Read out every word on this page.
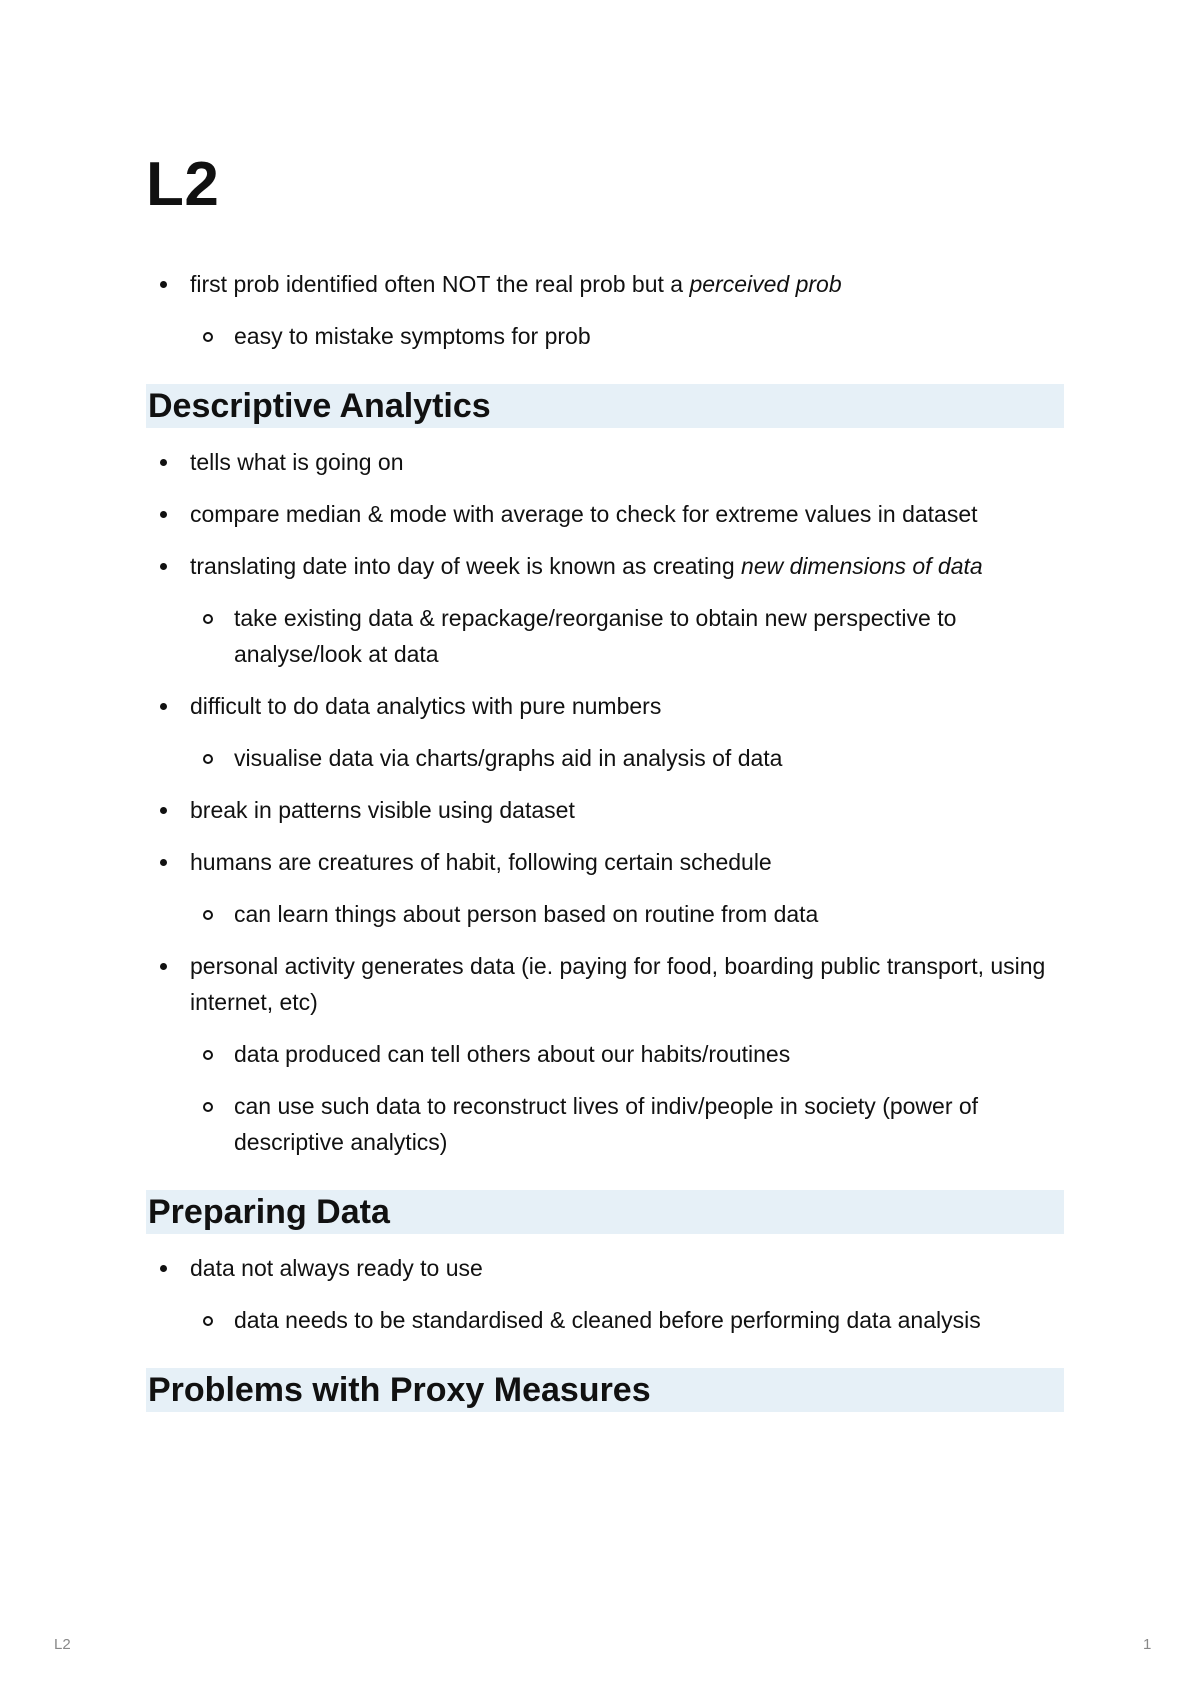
L2
first prob identified often NOT the real prob but a perceived prob
easy to mistake symptoms for prob
Descriptive Analytics
tells what is going on
compare median & mode with average to check for extreme values in dataset
translating date into day of week is known as creating new dimensions of data
take existing data & repackage/reorganise to obtain new perspective to analyse/look at data
difficult to do data analytics with pure numbers
visualise data via charts/graphs aid in analysis of data
break in patterns visible using dataset
humans are creatures of habit, following certain schedule
can learn things about person based on routine from data
personal activity generates data (ie. paying for food, boarding public transport, using internet, etc)
data produced can tell others about our habits/routines
can use such data to reconstruct lives of indiv/people in society (power of descriptive analytics)
Preparing Data
data not always ready to use
data needs to be standardised & cleaned before performing data analysis
Problems with Proxy Measures
L2	1
